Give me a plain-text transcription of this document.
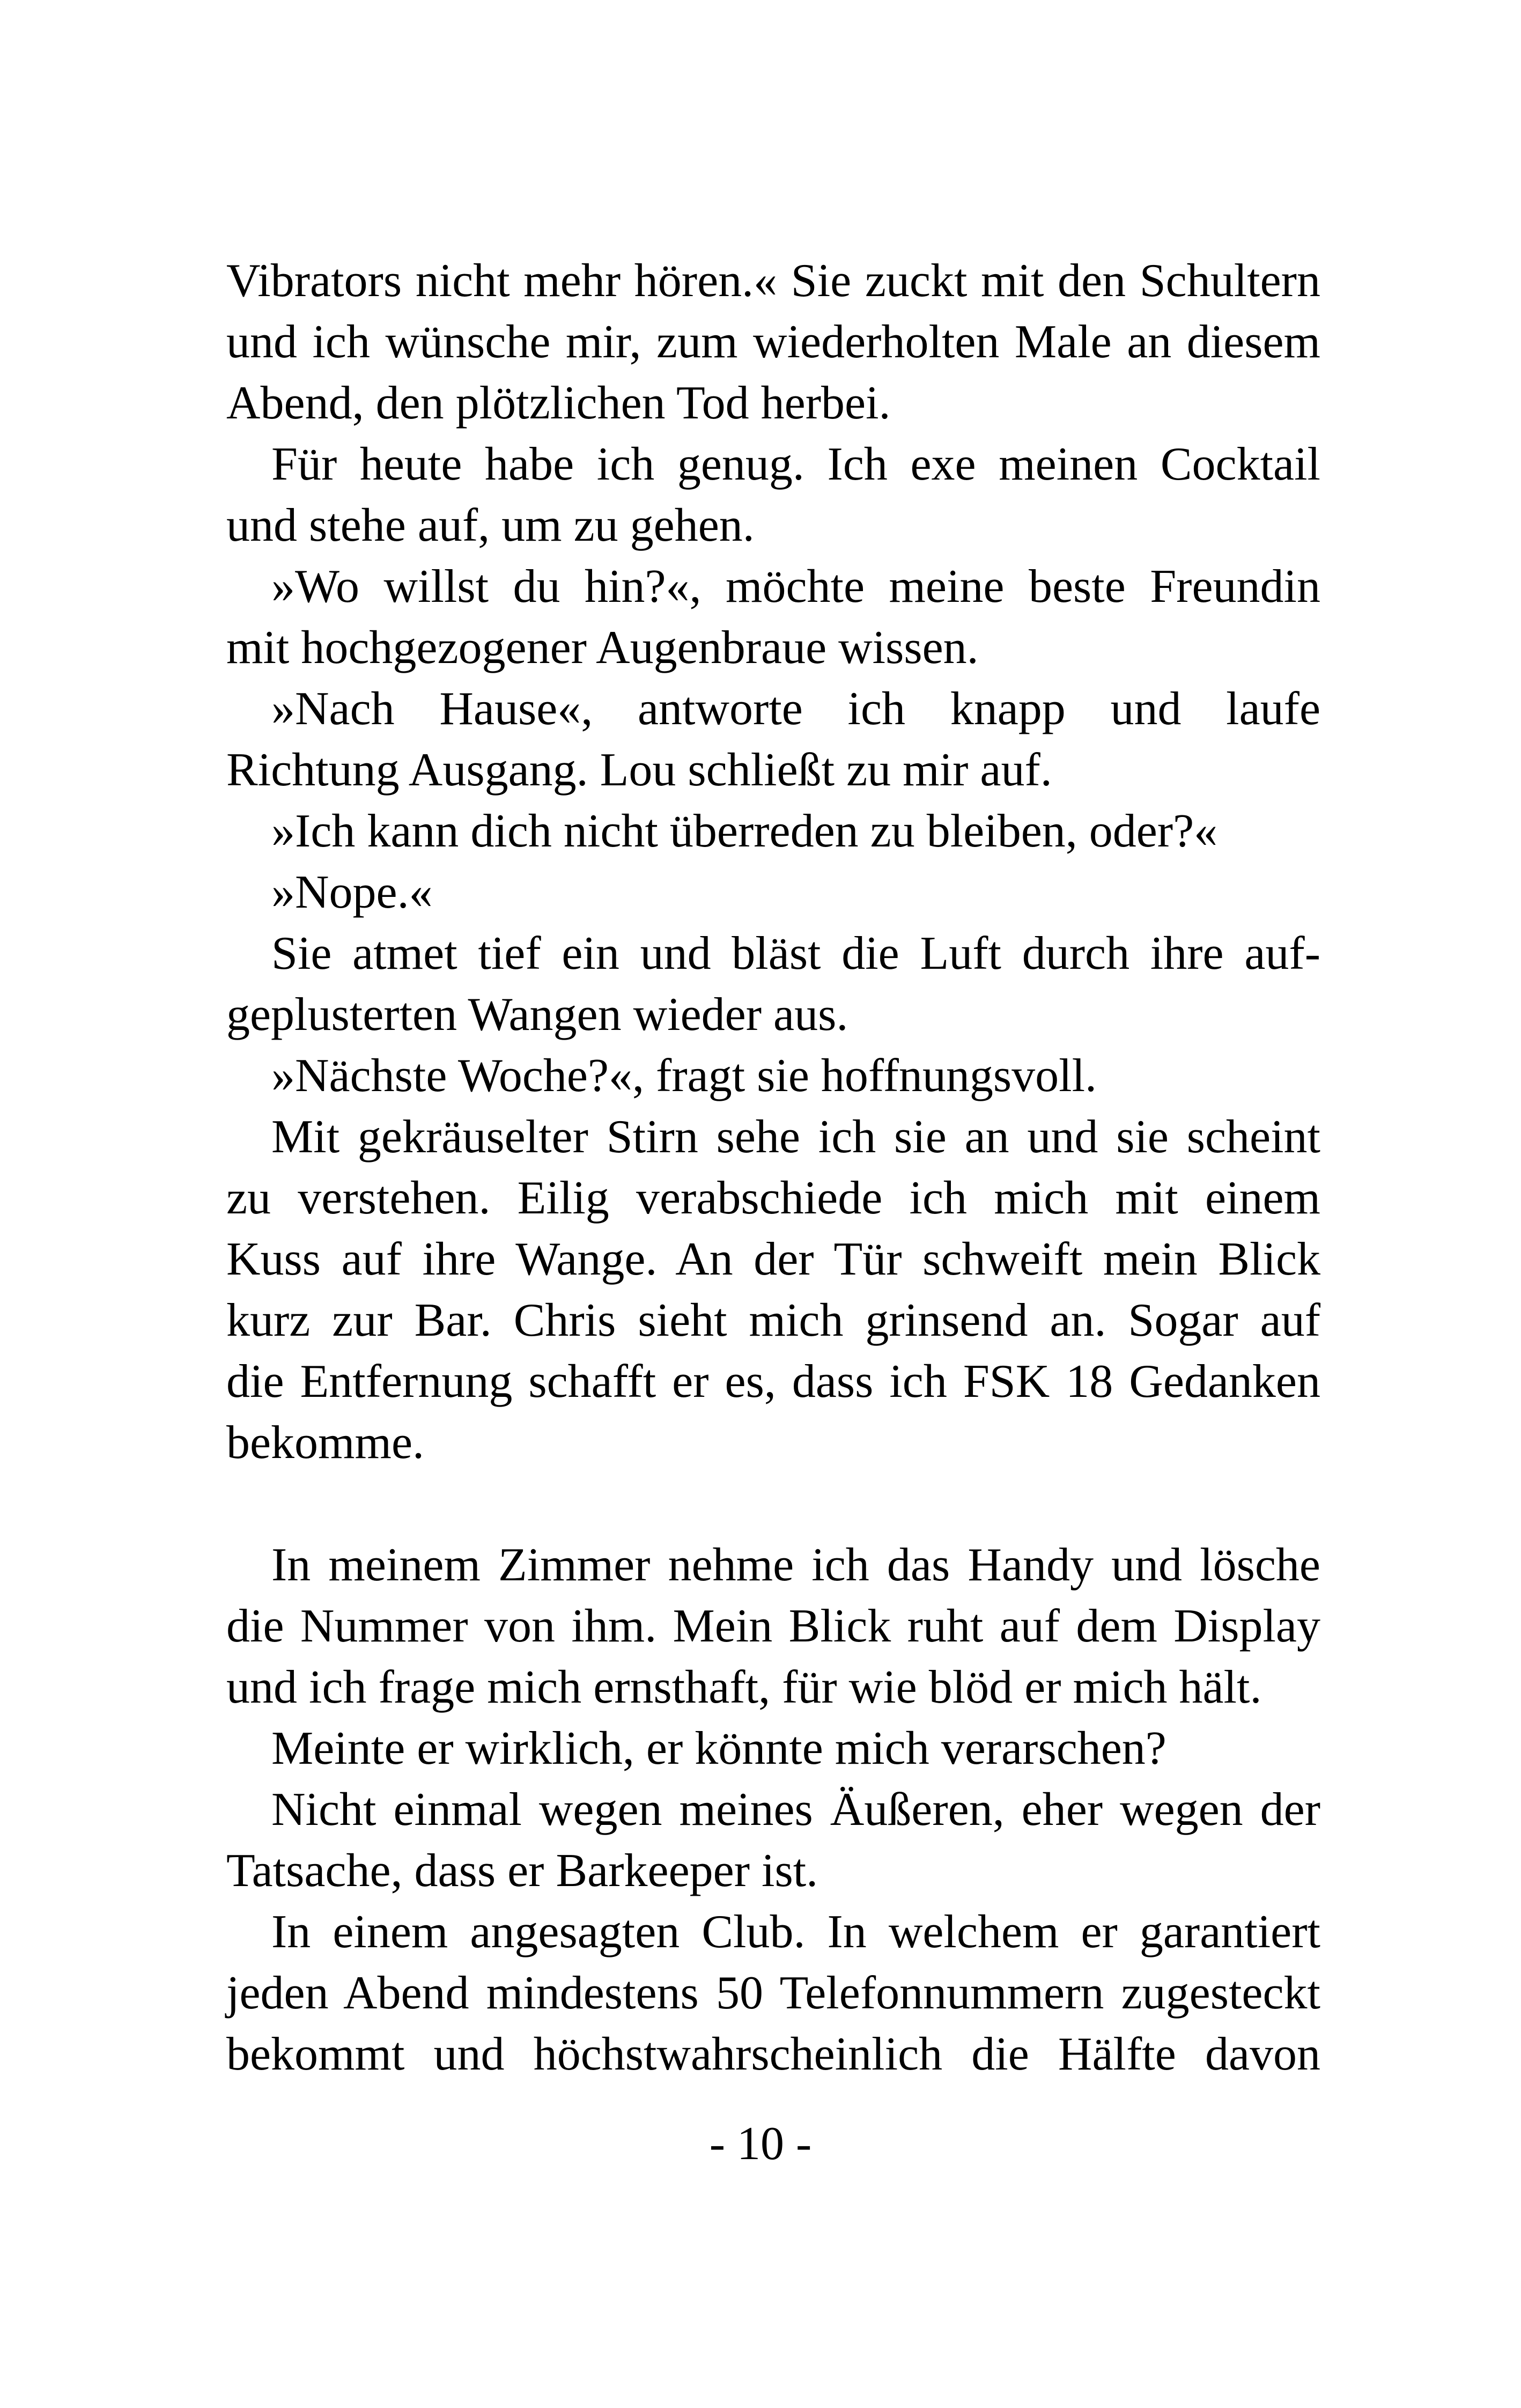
Vibrators nicht mehr hören.« Sie zuckt mit den Schultern
und ich wünsche mir, zum wiederholten Male an diesem
Abend, den plötzlichen Tod herbei.
Für heute habe ich genug. Ich exe meinen Cocktail
und stehe auf, um zu gehen.
»Wo willst du hin?«, möchte meine beste Freundin
mit hochgezogener Augenbraue wissen.
»Nach Hause«, antworte ich knapp und laufe
Richtung Ausgang. Lou schließt zu mir auf.
»Ich kann dich nicht überreden zu bleiben, oder?«
»Nope.«
Sie atmet tief ein und bläst die Luft durch ihre auf-
geplusterten Wangen wieder aus.
»Nächste Woche?«, fragt sie hoffnungsvoll.
Mit gekräuselter Stirn sehe ich sie an und sie scheint
zu verstehen. Eilig verabschiede ich mich mit einem
Kuss auf ihre Wange. An der Tür schweift mein Blick
kurz zur Bar. Chris sieht mich grinsend an. Sogar auf
die Entfernung schafft er es, dass ich FSK 18 Gedanken
bekomme.
In meinem Zimmer nehme ich das Handy und lösche
die Nummer von ihm. Mein Blick ruht auf dem Display
und ich frage mich ernsthaft, für wie blöd er mich hält.
Meinte er wirklich, er könnte mich verarschen?
Nicht einmal wegen meines Äußeren, eher wegen der
Tatsache, dass er Barkeeper ist.
In einem angesagten Club. In welchem er garantiert
jeden Abend mindestens 50 Telefonnummern zugesteckt
bekommt und höchstwahrscheinlich die Hälfte davon
- 10 -
